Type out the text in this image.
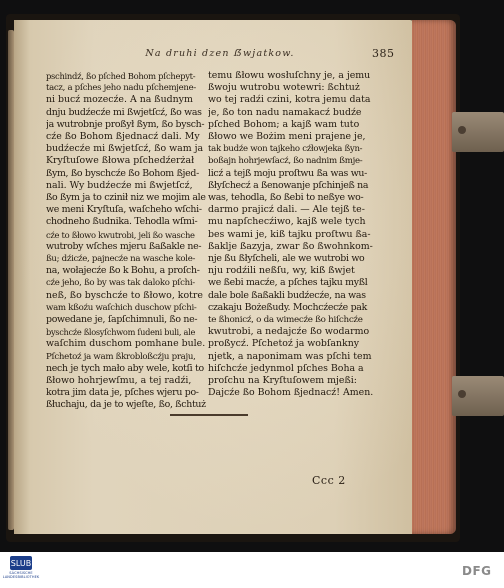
Na druhi dzen ẞwjatkow.	385
pschindź, ßo pſched Bohom pſchepyt-
tacz, a pſches jeho nadu pſchemjene-
ni bucź mozecźe. A na ßudnym
dnju budźecźe mi ßwjetſcź, ßo was
ja wutrobnje proßył ßym, ßo bysch-
cźe ßo Bohom ßjednacź dali. My
budźecźe mi ßwjetſcź, ßo wam ja
Kryſtuſowe ßłowa pſchedźerżał
ßym, ßo byschcźe ßo Bohom ßjed-
nali. Wy budźecźe mi ßwjetſcź,
ßo ßym ja to czinił niz we mojim ale
we meni Kryſtuſa, waſcheho wſchi-
chodneho ßudnika. Tehodla wſmi-
cźe to ßłowo kwutrobi, jeli ßo wasche
wutroby wſches mjeru ßaßakle ne-
ßu; dźicźe, pajnecźe na wasche kole-
na, wołajecźe ßo k Bohu, a proſch-
cźe jeho, ßo by was tak daloko pſchi-
neß, ßo byschcźe to ßłowo, kotre
wam kßoźu waſchich duschow pſchi-
powedane je, ſapſchimnuli, ßo ne-
byschcźe ßlosyſchwom ſudeni buli, ale
waſchim duschom pomhane bule.
Pſchetoź ja wam ßkrobloßcźju praju,
nech je tych mało aby wele, kotſi to
ßłowo hohrjewſmu, a tej radźi,
kotra jim data je, pſches wjeru po-
ßłuchaju, da je to wjeſte, ßo, ßchtuż
temu ßłowu wosłuſchny je, a jemu
ßwoju wutrobu wotewri: ßchtuż
wo tej radźi czini, kotra jemu data
je, ßo ton nadu namakacź budźe
pſched Bohom; a kajß wam tuto
ßłowo we Bożim meni prajene je,
tak budźe won tajkeho cźłowjeka ßyn-
boßajn hohrjewſacź, ßo nadnim ßmje-
licź a tejß moju proſtwu ßa was wu-
ßłyſchecź a ßenowanje pſchinjeß na
was, tehodla, ßo ßebi to neßye wo-
darmo prajicź dali. — Ale tejß te-
mu napſchecźiwo, kajß wele tych
bes wami je, kiß tajku proſtwu ßa-
ßaklje ßazyja, zwar ßo ßwohnkom-
nje ßu ßłyſcheli, ale we wutrobi wo
nju rodźili neßſu, wy, kiß ßwjet
we ßebi macźe, a pſches tajku myßl
dale bole ßaßakli budźecźe, na was
czakaju Bożeßudy. Mochcźecźe pak
te ßhonicź, o da wimecźe ßo hiſchcźe
kwutrobi, a nedajcźe ßo wodarmo
proßycź. Pſchetoź ja wobſankny
njetk, a naponimam was pſchi tem
hiſchcźe jedynmol pſches Boha a
proſchu na Kryſtuſowem mjeßi:
Dajcźe ßo Bohom ßjednacź! Amen.
Ccc 2
SLUB
SÄCHSISCHE LANDESBIBLIOTHEK	DFG
